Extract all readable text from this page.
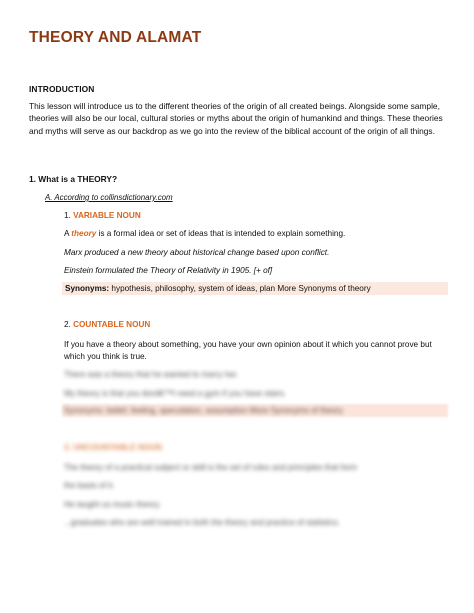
THEORY AND ALAMAT
INTRODUCTION
This lesson will introduce us to the different theories of the origin of all created beings. Alongside some sample, theories will also be our local, cultural stories or myths about the origin of humankind and things. These theories and myths will serve as our backdrop as we go into the review of the biblical account of the origin of all things.
1. What is a THEORY?
A. According to collinsdictionary.com
1. VARIABLE NOUN
A theory is a formal idea or set of ideas that is intended to explain something.
Marx produced a new theory about historical change based upon conflict.
Einstein formulated the Theory of Relativity in 1905. [+ of]
Synonyms: hypothesis, philosophy, system of ideas, plan More Synonyms of theory
2. COUNTABLE NOUN
If you have a theory about something, you have your own opinion about it which you cannot prove but which you think is true.
There was a theory that he wanted to marry her.
My theory is that you donâ€™t need a gym if you have stairs.
Synonyms: belief, feeling, speculation, assumption More Synonyms of theory
3. UNCOUNTABLE NOUN
The theory of a practical subject or skill is the set of rules and principles that form
the basis of it.
He taught us music theory.
...graduates who are well trained in both the theory and practice of statistics.
